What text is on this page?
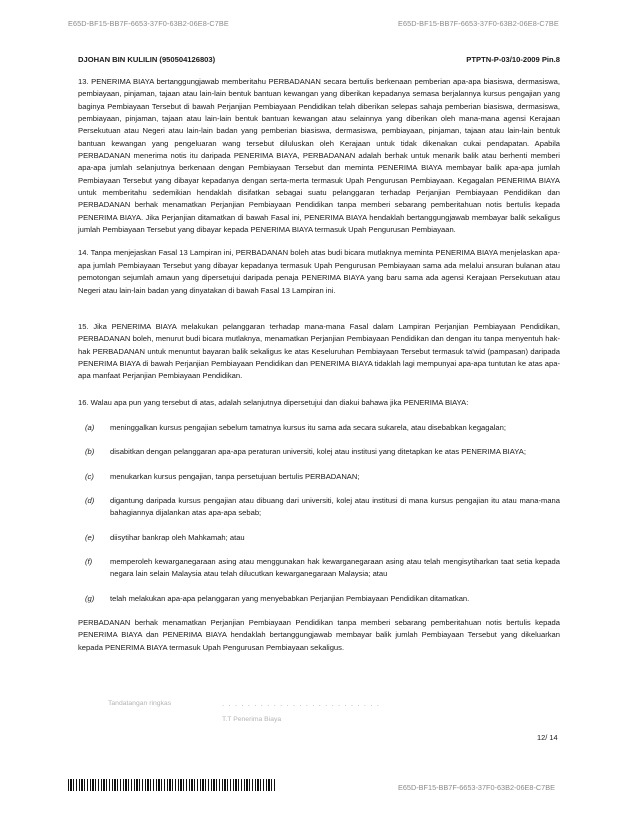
E65D-BF15-BB7F-6653-37F0-63B2-06E8-C7BE	E65D-BF15-BB7F-6653-37F0-63B2-06E8-C7BE
DJOHAN BIN KULILIN (950504126803)	PTPTN-P-03/10-2009 Pin.8

13. PENERIMA BIAYA bertanggungjawab memberitahu PERBADANAN secara bertulis berkenaan pemberian apa-apa biasiswa, dermasiswa, pembiayaan, pinjaman, tajaan atau lain-lain bentuk bantuan kewangan yang diberikan kepadanya semasa berjalannya kursus pengajian yang baginya Pembiayaan Tersebut di bawah Perjanjian Pembiayaan Pendidikan telah diberikan selepas sahaja pemberian biasiswa, dermasiswa, pembiayaan, pinjaman, tajaan atau lain-lain bentuk bantuan kewangan atau selainnya yang diberikan oleh mana-mana agensi Kerajaan Persekutuan atau Negeri atau lain-lain badan yang pemberian biasiswa, dermasiswa, pembiayaan, pinjaman, tajaan atau lain-lain bentuk bantuan kewangan yang pengeluaran wang tersebut diluluskan oleh Kerajaan untuk tidak dikenakan cukai pendapatan. Apabila PERBADANAN menerima notis itu daripada PENERIMA BIAYA, PERBADANAN adalah berhak untuk menarik balik atau berhenti memberi apa-apa jumlah selanjutnya berkenaan dengan Pembiayaan Tersebut dan meminta PENERIMA BIAYA membayar balik apa-apa jumlah Pembiayaan Tersebut yang dibayar kepadanya dengan serta-merta termasuk Upah Pengurusan Pembiayaan. Kegagalan PENERIMA BIAYA untuk memberitahu sedemikian hendaklah disifatkan sebagai suatu pelanggaran terhadap Perjanjian Pembiayaan Pendidikan dan PERBADANAN berhak menamatkan Perjanjian Pembiayaan Pendidikan tanpa memberi sebarang pemberitahuan notis bertulis kepada PENERIMA BIAYA. Jika Perjanjian ditamatkan di bawah Fasal ini, PENERIMA BIAYA hendaklah bertanggungjawab membayar balik sekaligus jumlah Pembiayaan Tersebut yang dibayar kepada PENERIMA BIAYA termasuk Upah Pengurusan Pembiayaan.

14. Tanpa menjejaskan Fasal 13 Lampiran ini, PERBADANAN boleh atas budi bicara mutlaknya meminta PENERIMA BIAYA menjelaskan apa-apa jumlah Pembiayaan Tersebut yang dibayar kepadanya termasuk Upah Pengurusan Pembiayaan sama ada melalui ansuran bulanan atau pemotongan sejumlah amaun yang dipersetujui daripada penaja PENERIMA BIAYA yang baru sama ada agensi Kerajaan Persekutuan atau Negeri atau lain-lain badan yang dinyatakan di bawah Fasal 13 Lampiran ini.

15. Jika PENERIMA BIAYA melakukan pelanggaran terhadap mana-mana Fasal dalam Lampiran Perjanjian Pembiayaan Pendidikan, PERBADANAN boleh, menurut budi bicara mutlaknya, menamatkan Perjanjian Pembiayaan Pendidikan dan dengan itu tanpa menyentuh hak-hak PERBADANAN untuk menuntut bayaran balik sekaligus ke atas Keseluruhan Pembiayaan Tersebut termasuk ta'wid (pampasan) daripada PENERIMA BIAYA di bawah Perjanjian Pembiayaan Pendidikan dan PENERIMA BIAYA tidaklah lagi mempunyai apa-apa tuntutan ke atas apa-apa manfaat Perjanjian Pembiayaan Pendidikan.

16. Walau apa pun yang tersebut di atas, adalah selanjutnya dipersetujui dan diakui bahawa jika PENERIMA BIAYA:

(a)	meninggalkan kursus pengajian sebelum tamatnya kursus itu sama ada secara sukarela, atau disebabkan kegagalan;
(b)	disabitkan dengan pelanggaran apa-apa peraturan universiti, kolej atau institusi yang ditetapkan ke atas PENERIMA BIAYA;
(c)	menukarkan kursus pengajian, tanpa persetujuan bertulis PERBADANAN;
(d)	digantung daripada kursus pengajian atau dibuang dari universiti, kolej atau institusi di mana kursus pengajian itu atau mana-mana bahagiannya dijalankan atas apa-apa sebab;
(e)	diisytihar bankrap oleh Mahkamah; atau
(f)	memperoleh kewarganegaraan asing atau menggunakan hak kewarganegaraan asing atau telah mengisytiharkan taat setia kepada negara lain selain Malaysia atau telah dilucutkan kewarganegaraan Malaysia; atau
(g)	telah melakukan apa-apa pelanggaran yang menyebabkan Perjanjian Pembiayaan Pendidikan ditamatkan.

PERBADANAN berhak menamatkan Perjanjian Pembiayaan Pendidikan tanpa memberi sebarang pemberitahuan notis bertulis kepada PENERIMA BIAYA dan PENERIMA BIAYA hendaklah bertanggungjawab membayar balik jumlah Pembiayaan Tersebut yang dikeluarkan kepada PENERIMA BIAYA termasuk Upah Pengurusan Pembiayaan sekaligus.

Tandatangan ringkas	. . . . . . . . . . . . . . . . . . . . . . . . .
T.T Penerima Biaya
12/ 14
E65D-BF15-BB7F-6653-37F0-63B2-06E8-C7BE
